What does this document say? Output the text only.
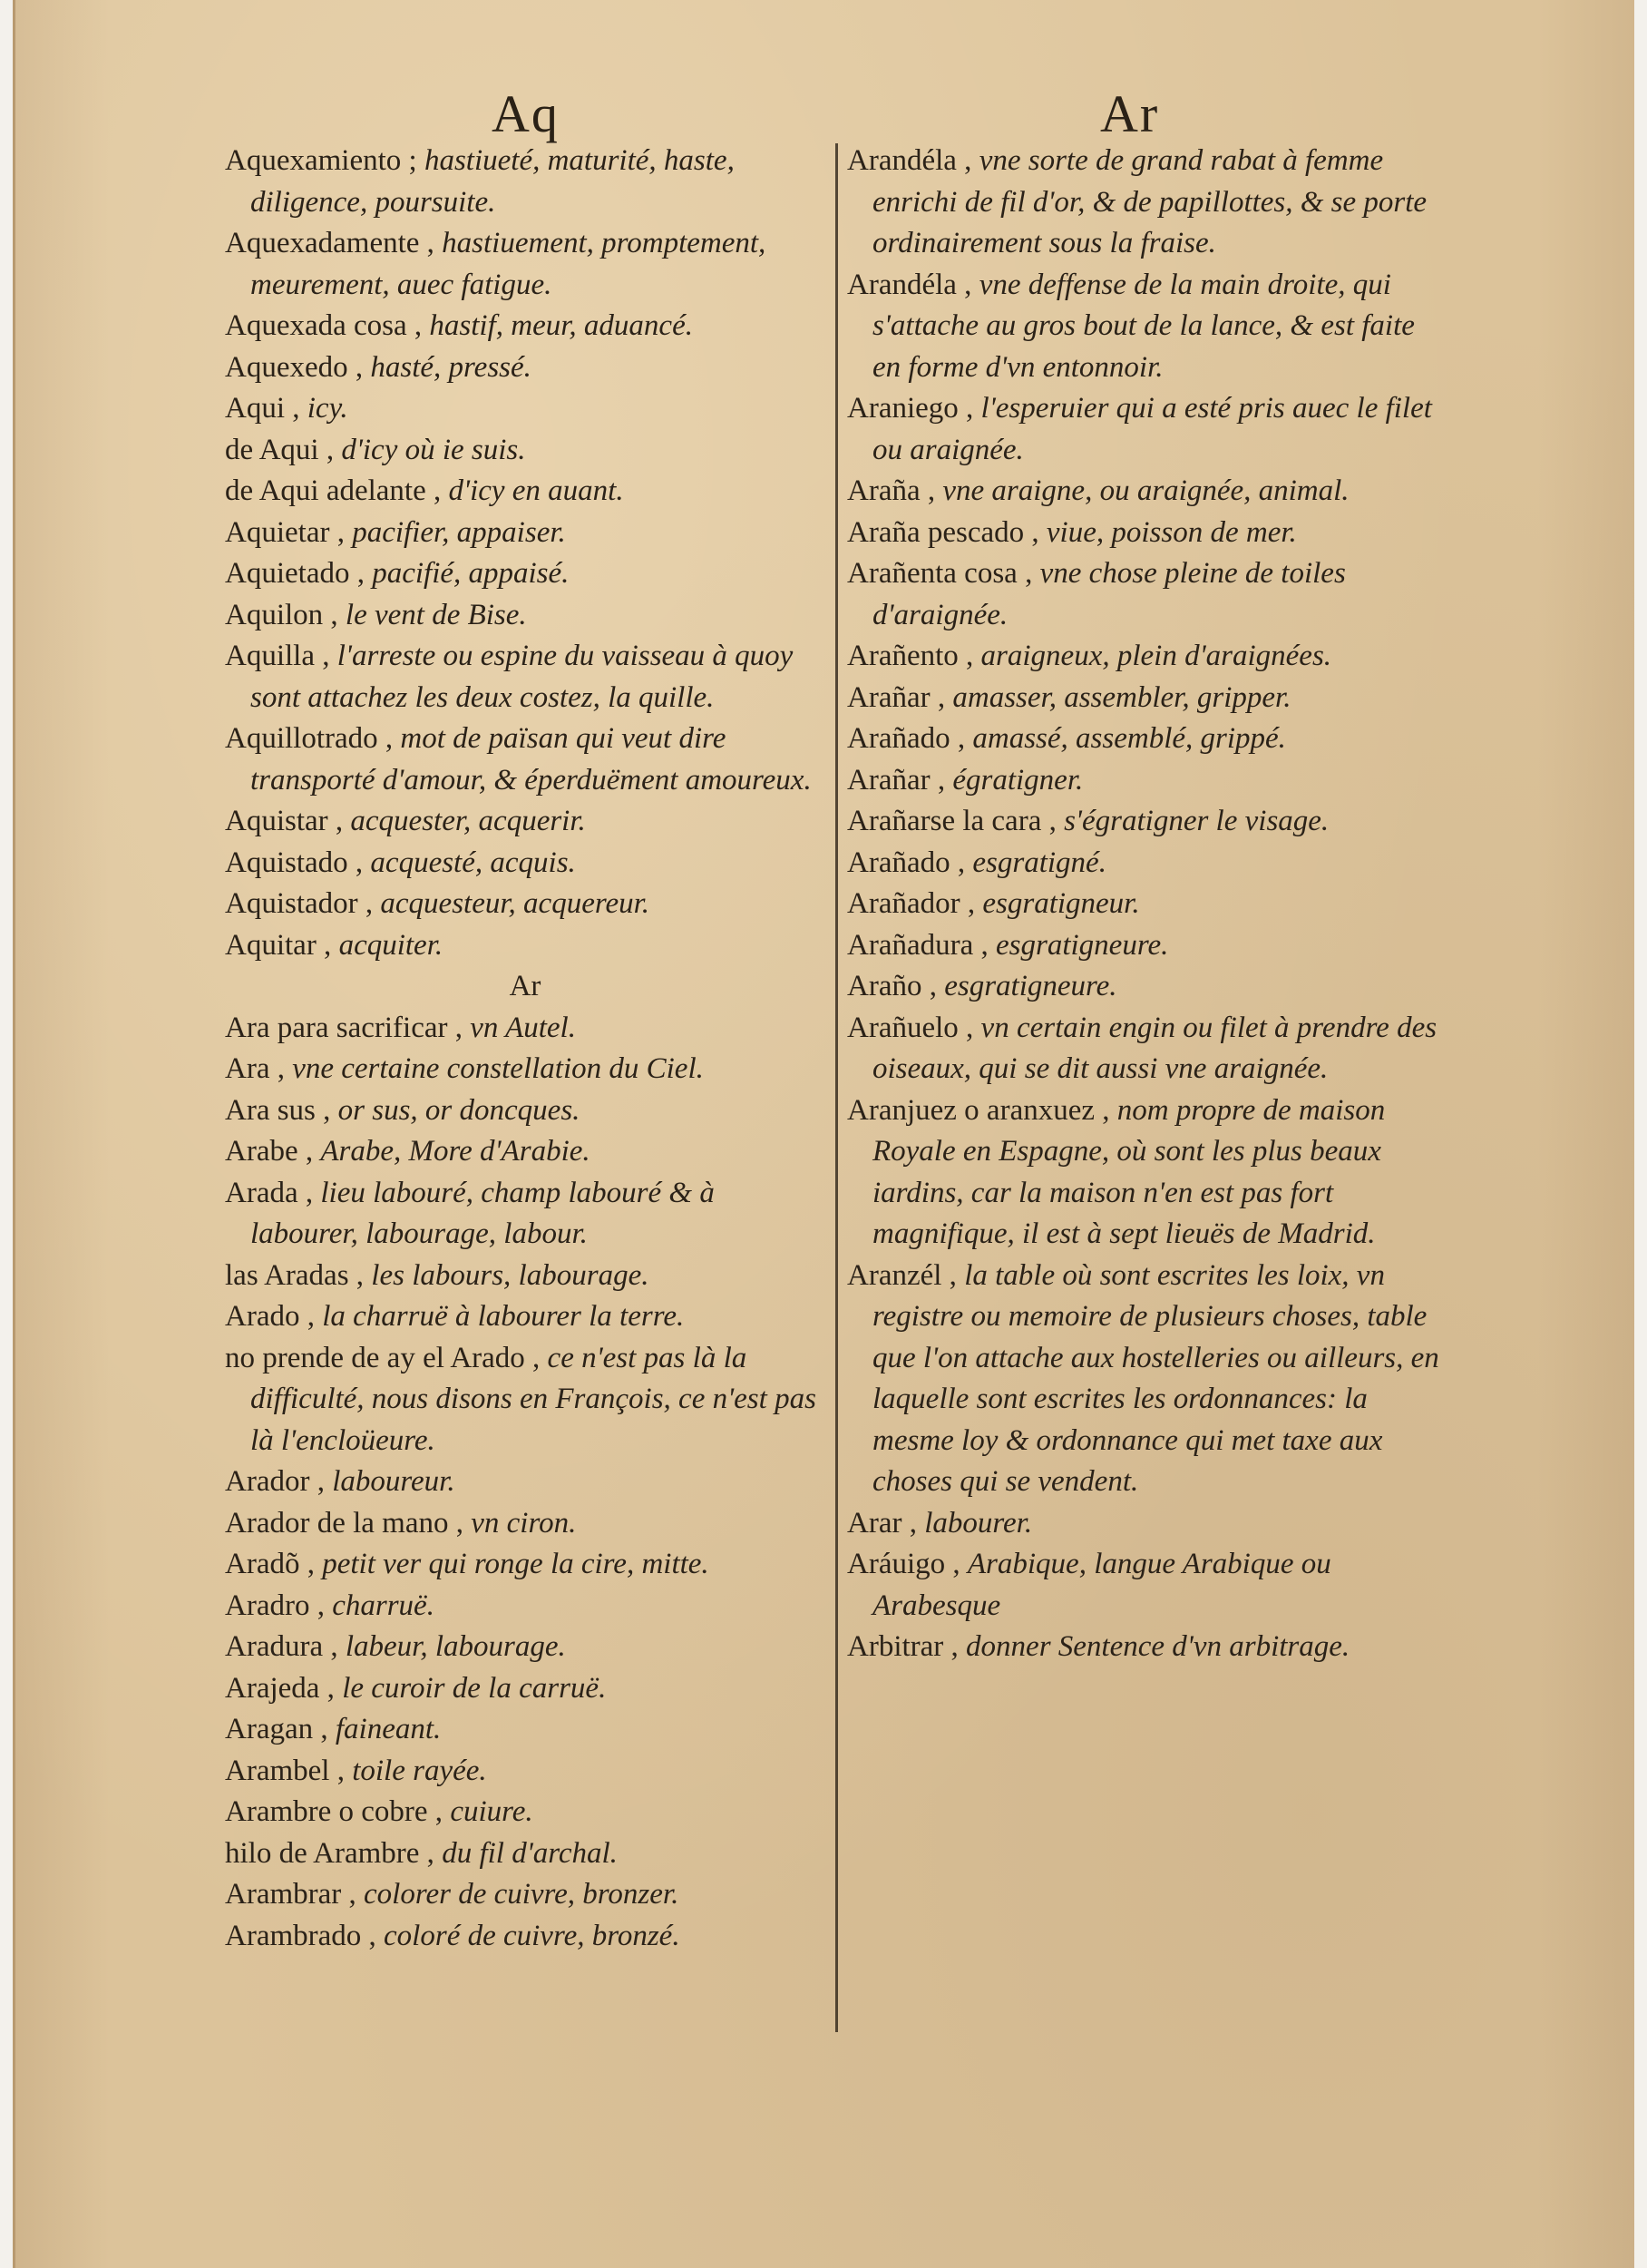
Aq	Ar

Aquexamiento ; hastiueté, maturité, haste, diligence, poursuite.

Aquexadamente , hastiuement, promptement, meurement, auec fatigue.

Aquexada cosa , hastif, meur, aduancé.

Aquexedo , hasté, pressé.

Aqui , icy.

de Aqui , d'icy où ie suis.

de Aqui adelante , d'icy en auant.

Aquietar , pacifier, appaiser.

Aquietado , pacifié, appaisé.

Aquilon , le vent de Bise.

Aquilla , l'arreste ou espine du vaisseau à quoy sont attachez les deux costez, la quille.

Aquillotrado , mot de païsan qui veut dire transporté d'amour, & éperduëment amoureux.

Aquistar , acquester, acquerir.

Aquistado , acquesté, acquis.

Aquistador , acquesteur, acquereur.

Aquitar , acquiter.

Ar

Ara para sacrificar , vn Autel.

Ara , vne certaine constellation du Ciel.

Ara sus , or sus, or doncques.

Arabe , Arabe, More d'Arabie.

Arada , lieu labouré, champ labouré & à labourer, labourage, labour.

las Aradas , les labours, labourage.

Arado , la charruë à labourer la terre.

no prende de ay el Arado , ce n'est pas là la difficulté, nous disons en François, ce n'est pas là l'encloüeure.

Arador , laboureur.

Arador de la mano , vn ciron.

Aradõ , petit ver qui ronge la cire, mitte.

Aradro , charruë.

Aradura , labeur, labourage.

Arajeda , le curoir de la carruë.

Aragan , faineant.

Arambel , toile rayée.

Arambre o cobre , cuiure.

hilo de Arambre , du fil d'archal.

Arambrar , colorer de cuivre, bronzer.

Arambrado , coloré de cuivre, bronzé.

Arandéla , vne sorte de grand rabat à femme enrichi de fil d'or, & de papillottes, & se porte ordinairement sous la fraise.

Arandéla , vne deffense de la main droite, qui s'attache au gros bout de la lance, & est faite en forme d'vn entonnoir.

Araniego , l'esperuier qui a esté pris auec le filet ou araignée.

Araña , vne araigne, ou araignée, animal.

Araña pescado , viue, poisson de mer.

Arañenta cosa , vne chose pleine de toiles d'araignée.

Arañento , araigneux, plein d'araignées.

Arañar , amasser, assembler, gripper.

Arañado , amassé, assemblé, grippé.

Arañar , égratigner.

Arañarse la cara , s'égratigner le visage.

Arañado , esgratigné.

Arañador , esgratigneur.

Arañadura , esgratigneure.

Araño , esgratigneure.

Arañuelo , vn certain engin ou filet à prendre des oiseaux, qui se dit aussi vne araignée.

Aranjuez o aranxuez , nom propre de maison Royale en Espagne, où sont les plus beaux iardins, car la maison n'en est pas fort magnifique, il est à sept lieuës de Madrid.

Aranzél , la table où sont escrites les loix, vn registre ou memoire de plusieurs choses, table que l'on attache aux hostelleries ou ailleurs, en laquelle sont escrites les ordonnances: la mesme loy & ordonnance qui met taxe aux choses qui se vendent.

Arar , labourer.

Aráuigo , Arabique, langue Arabique ou Arabesque

Arbitrar , donner Sentence d'vn arbitrage.
